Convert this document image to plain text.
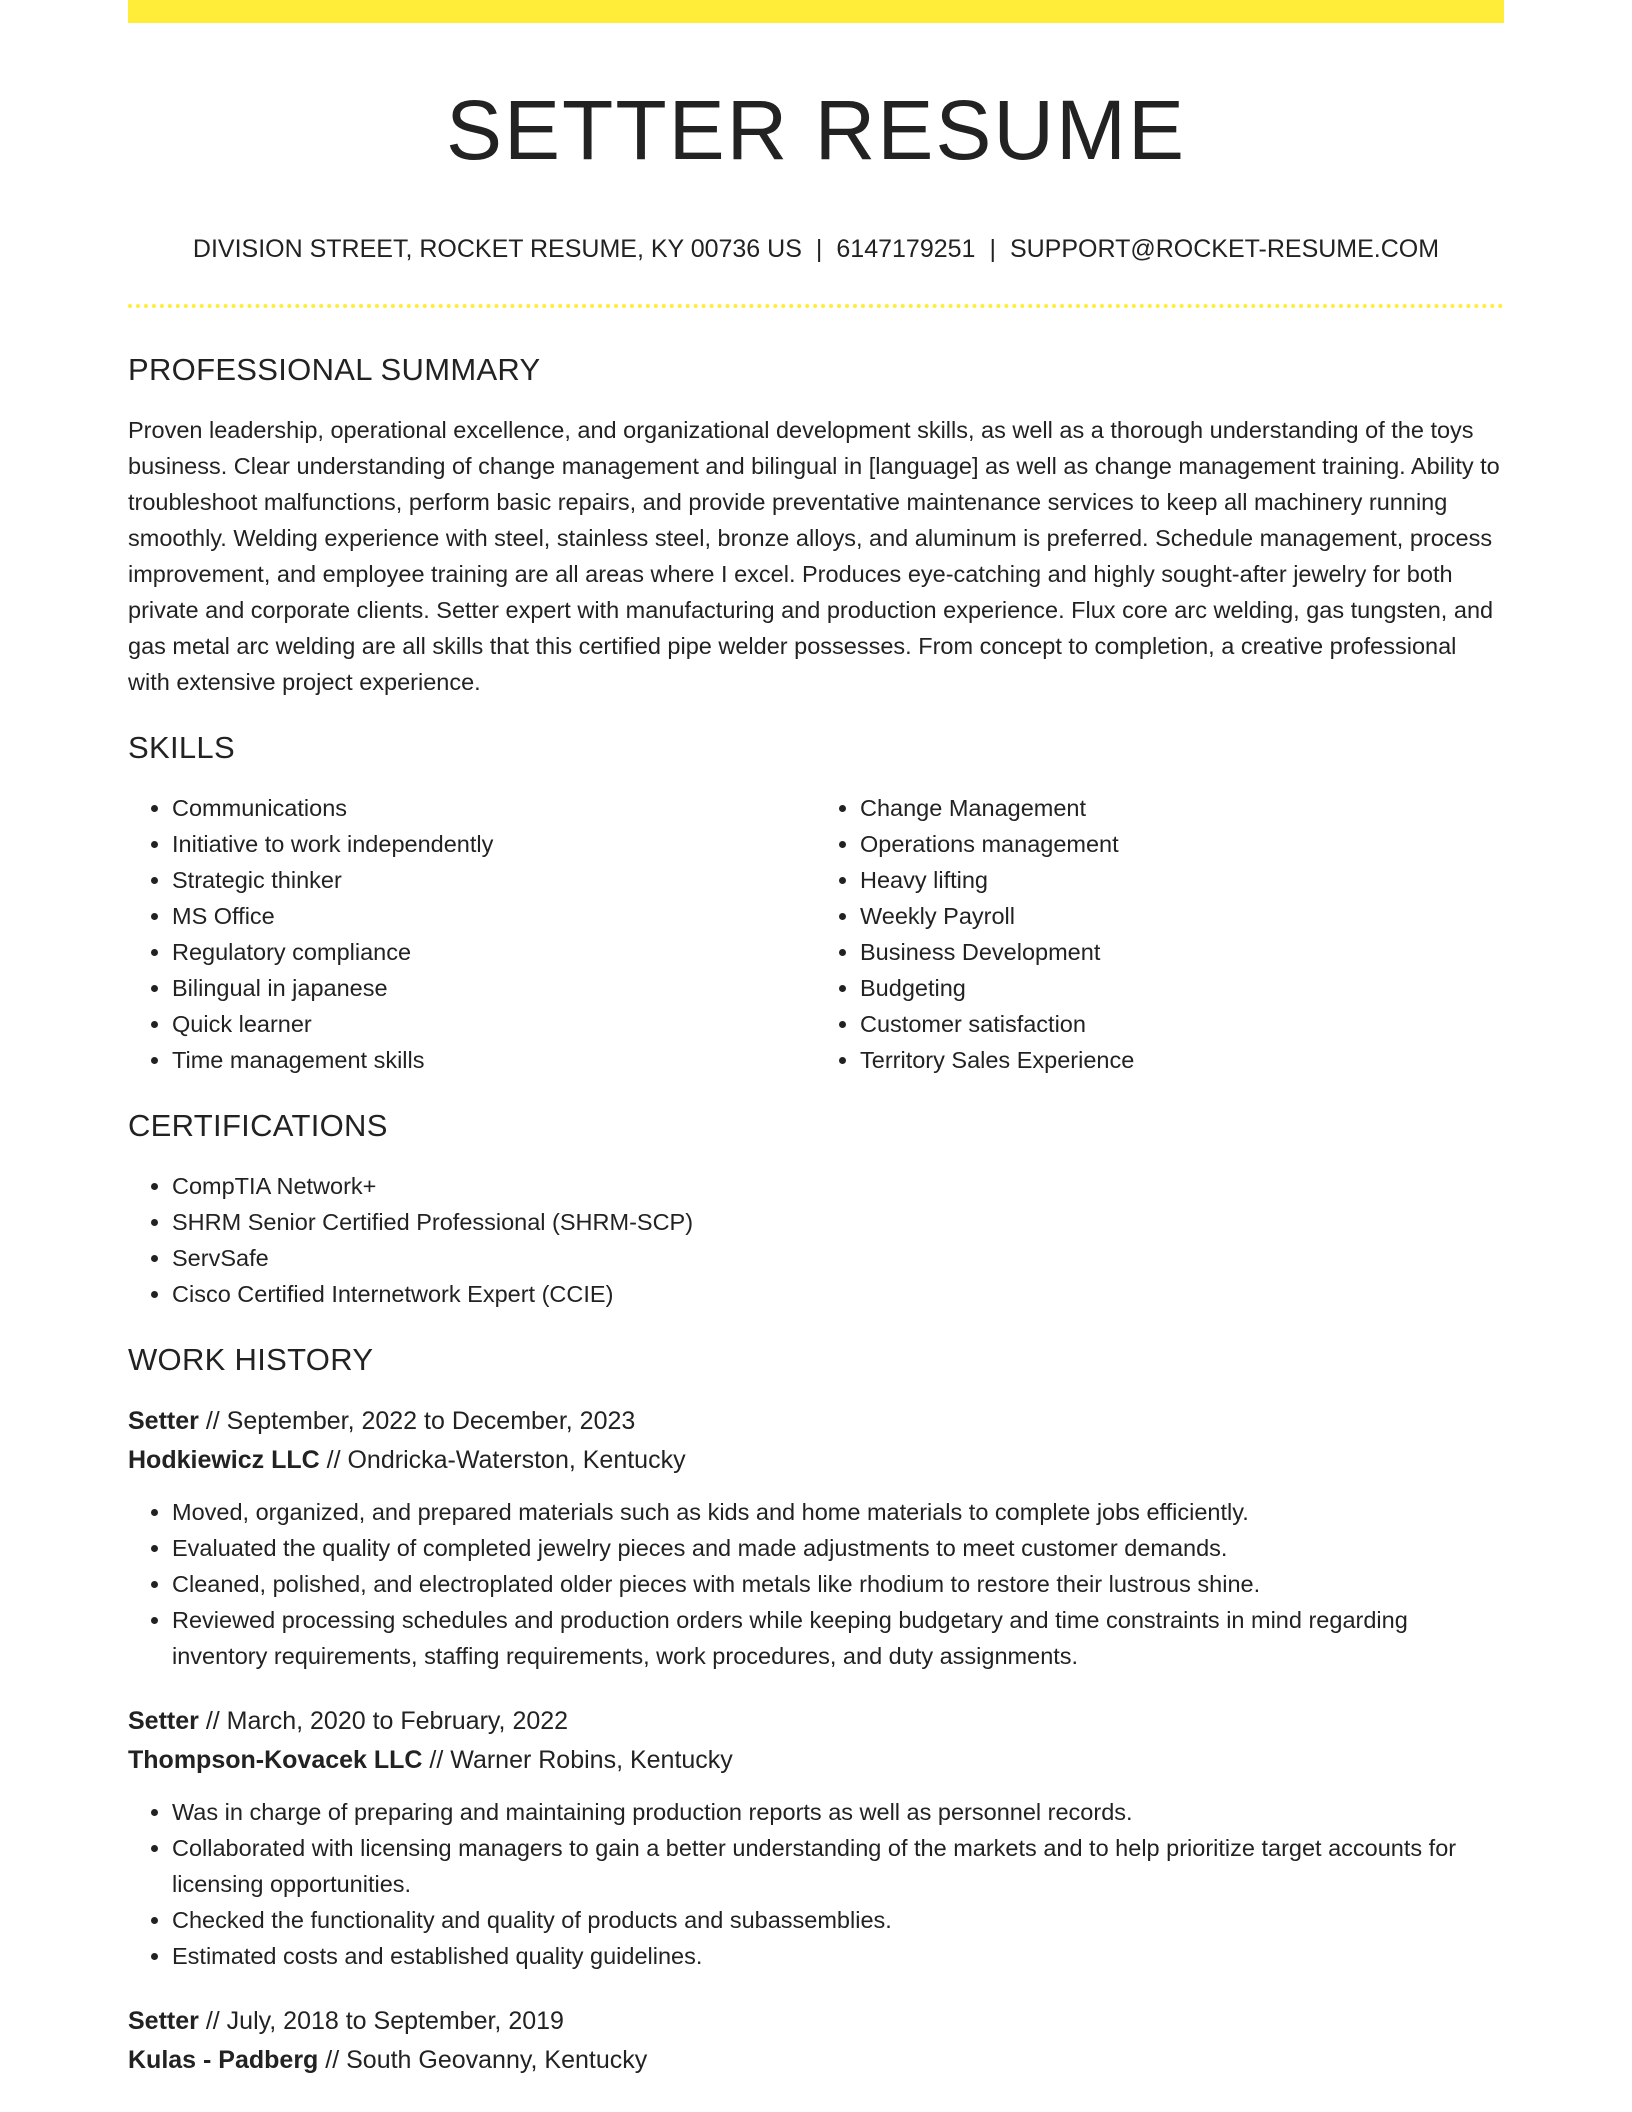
SETTER RESUME
DIVISION STREET, ROCKET RESUME, KY 00736 US | 6147179251 | SUPPORT@ROCKET-RESUME.COM
PROFESSIONAL SUMMARY

Proven leadership, operational excellence, and organizational development skills, as well as a thorough understanding of the toys business. Clear understanding of change management and bilingual in [language] as well as change management training. Ability to troubleshoot malfunctions, perform basic repairs, and provide preventative maintenance services to keep all machinery running smoothly. Welding experience with steel, stainless steel, bronze alloys, and aluminum is preferred. Schedule management, process improvement, and employee training are all areas where I excel. Produces eye-catching and highly sought-after jewelry for both private and corporate clients. Setter expert with manufacturing and production experience. Flux core arc welding, gas tungsten, and gas metal arc welding are all skills that this certified pipe welder possesses. From concept to completion, a creative professional with extensive project experience.

SKILLS
• Communications
• Initiative to work independently
• Strategic thinker
• MS Office
• Regulatory compliance
• Bilingual in japanese
• Quick learner
• Time management skills
• Change Management
• Operations management
• Heavy lifting
• Weekly Payroll
• Business Development
• Budgeting
• Customer satisfaction
• Territory Sales Experience
CERTIFICATIONS
• CompTIA Network+
• SHRM Senior Certified Professional (SHRM-SCP)
• ServSafe
• Cisco Certified Internetwork Expert (CCIE)
WORK HISTORY
Setter // September, 2022 to December, 2023
Hodkiewicz LLC // Ondricka-Waterston, Kentucky
• Moved, organized, and prepared materials such as kids and home materials to complete jobs efficiently.
• Evaluated the quality of completed jewelry pieces and made adjustments to meet customer demands.
• Cleaned, polished, and electroplated older pieces with metals like rhodium to restore their lustrous shine.
• Reviewed processing schedules and production orders while keeping budgetary and time constraints in mind regarding inventory requirements, staffing requirements, work procedures, and duty assignments.
Setter // March, 2020 to February, 2022
Thompson-Kovacek LLC // Warner Robins, Kentucky
• Was in charge of preparing and maintaining production reports as well as personnel records.
• Collaborated with licensing managers to gain a better understanding of the markets and to help prioritize target accounts for licensing opportunities.
• Checked the functionality and quality of products and subassemblies.
• Estimated costs and established quality guidelines.
Setter // July, 2018 to September, 2019
Kulas - Padberg // South Geovanny, Kentucky
